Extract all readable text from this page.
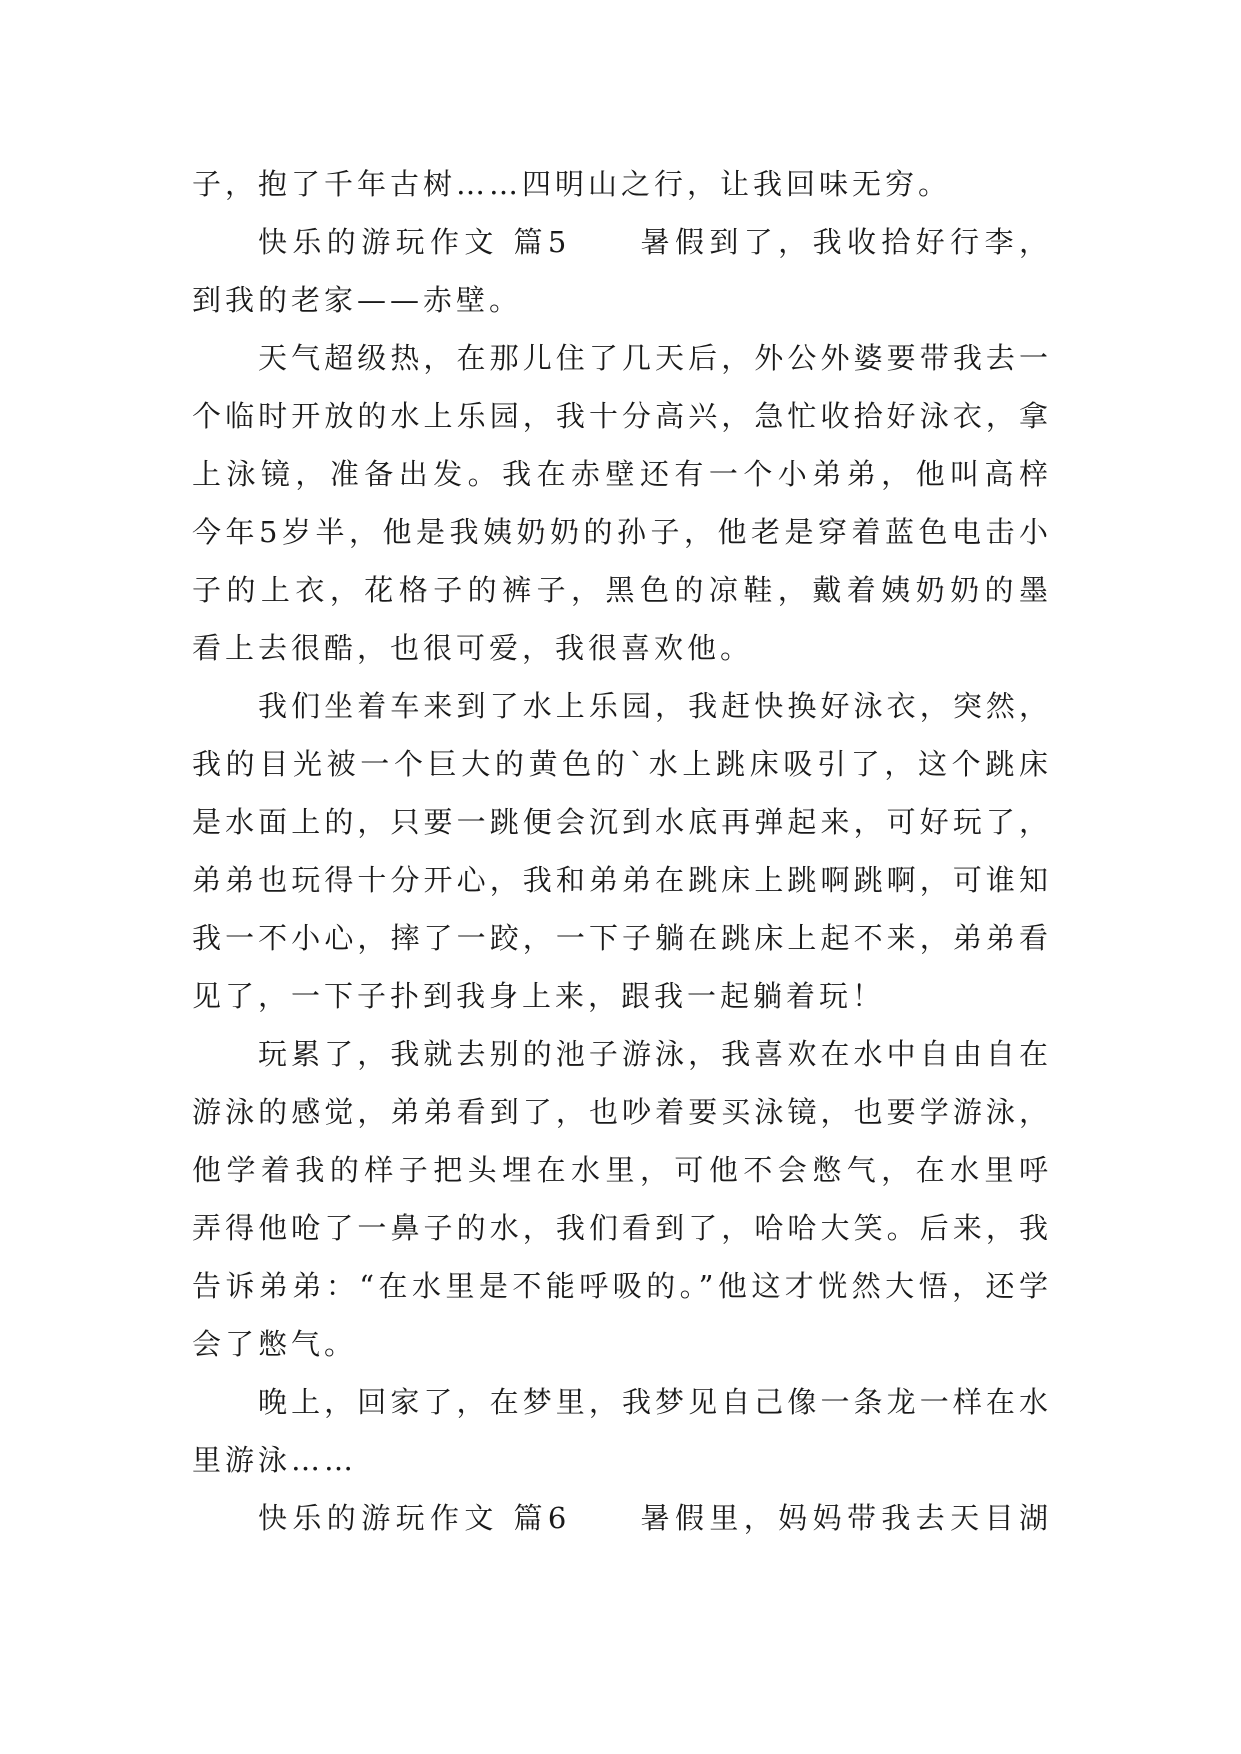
子，抱了千年古树……四明山之行，让我回味无穷。
快乐的游玩作文 篇5　　暑假到了，我收拾好行李，
到我的老家——赤壁。
天气超级热，在那儿住了几天后，外公外婆要带我去一
个临时开放的水上乐园，我十分高兴，急忙收拾好泳衣，拿
上泳镜，准备出发。我在赤壁还有一个小弟弟，他叫高梓
今年5岁半，他是我姨奶奶的孙子，他老是穿着蓝色电击小
子的上衣，花格子的裤子，黑色的凉鞋，戴着姨奶奶的墨
看上去很酷，也很可爱，我很喜欢他。
我们坐着车来到了水上乐园，我赶快换好泳衣，突然，
我的目光被一个巨大的黄色的`水上跳床吸引了，这个跳床
是水面上的，只要一跳便会沉到水底再弹起来，可好玩了，
弟弟也玩得十分开心，我和弟弟在跳床上跳啊跳啊，可谁知
我一不小心，摔了一跤，一下子躺在跳床上起不来，弟弟看
见了，一下子扑到我身上来，跟我一起躺着玩！
玩累了，我就去别的池子游泳，我喜欢在水中自由自在
游泳的感觉，弟弟看到了，也吵着要买泳镜，也要学游泳，
他学着我的样子把头埋在水里，可他不会憋气，在水里呼
弄得他呛了一鼻子的水，我们看到了，哈哈大笑。后来，我
告诉弟弟：“在水里是不能呼吸的。”他这才恍然大悟，还学
会了憋气。
晚上，回家了，在梦里，我梦见自己像一条龙一样在水
里游泳……
快乐的游玩作文 篇6　　暑假里，妈妈带我去天目湖
